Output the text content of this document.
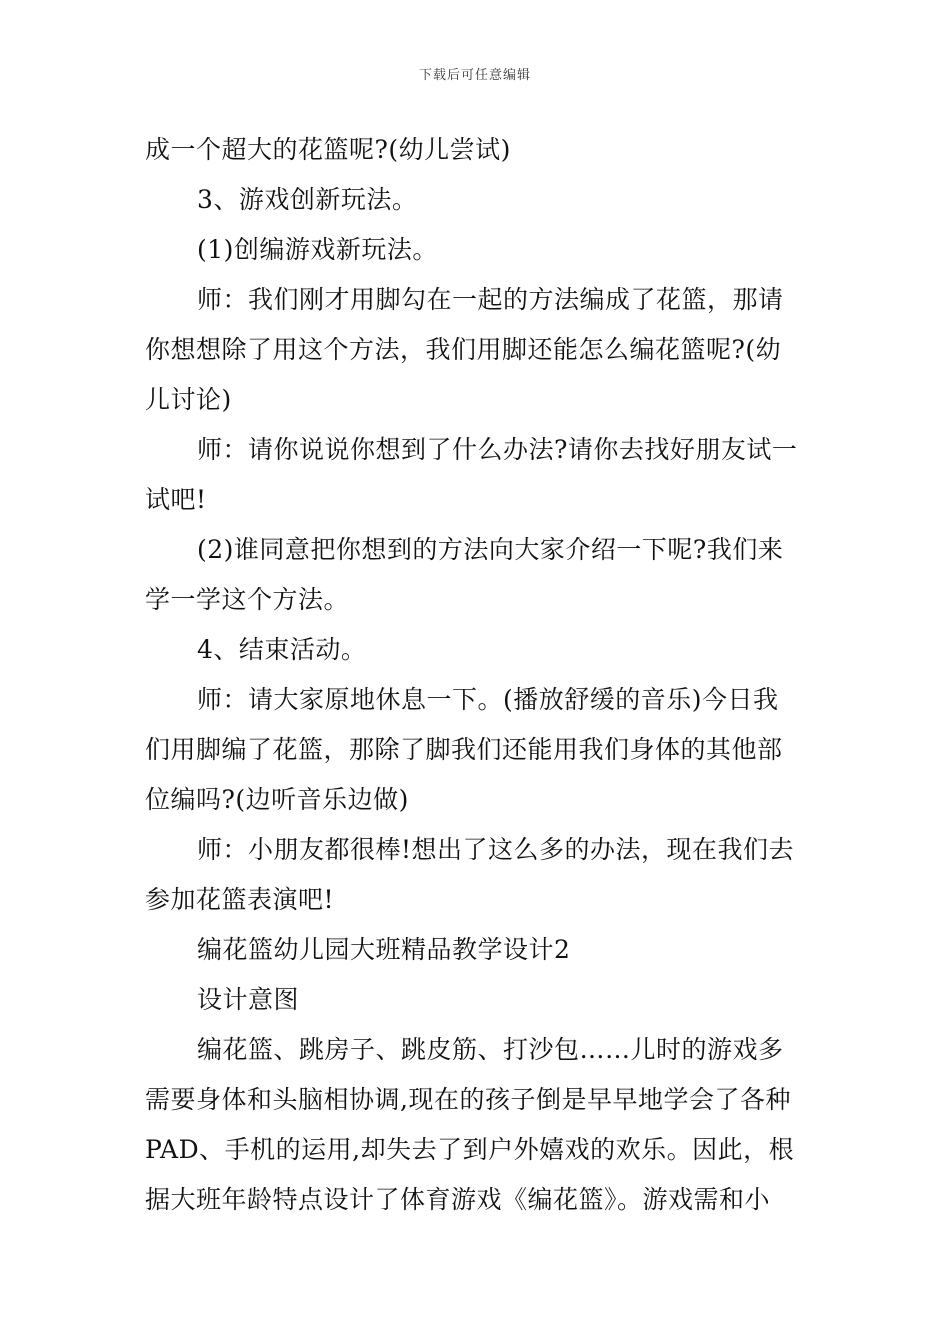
下载后可任意编辑
成一个超大的花篮呢?(幼儿尝试)
3、游戏创新玩法。
(1)创编游戏新玩法。
师：我们刚才用脚勾在一起的方法编成了花篮，那请
你想想除了用这个方法，我们用脚还能怎么编花篮呢?(幼
儿讨论)
师：请你说说你想到了什么办法?请你去找好朋友试一
试吧!
(2)谁同意把你想到的方法向大家介绍一下呢?我们来
学一学这个方法。
4、结束活动。
师：请大家原地休息一下。(播放舒缓的音乐)今日我
们用脚编了花篮，那除了脚我们还能用我们身体的其他部
位编吗?(边听音乐边做)
师：小朋友都很棒!想出了这么多的办法，现在我们去
参加花篮表演吧!
编花篮幼儿园大班精品教学设计2
设计意图
编花篮、跳房子、跳皮筋、打沙包……儿时的游戏多
需要身体和头脑相协调,现在的孩子倒是早早地学会了各种
PAD、手机的运用,却失去了到户外嬉戏的欢乐。因此，根
据大班年龄特点设计了体育游戏《编花篮》。游戏需和小
